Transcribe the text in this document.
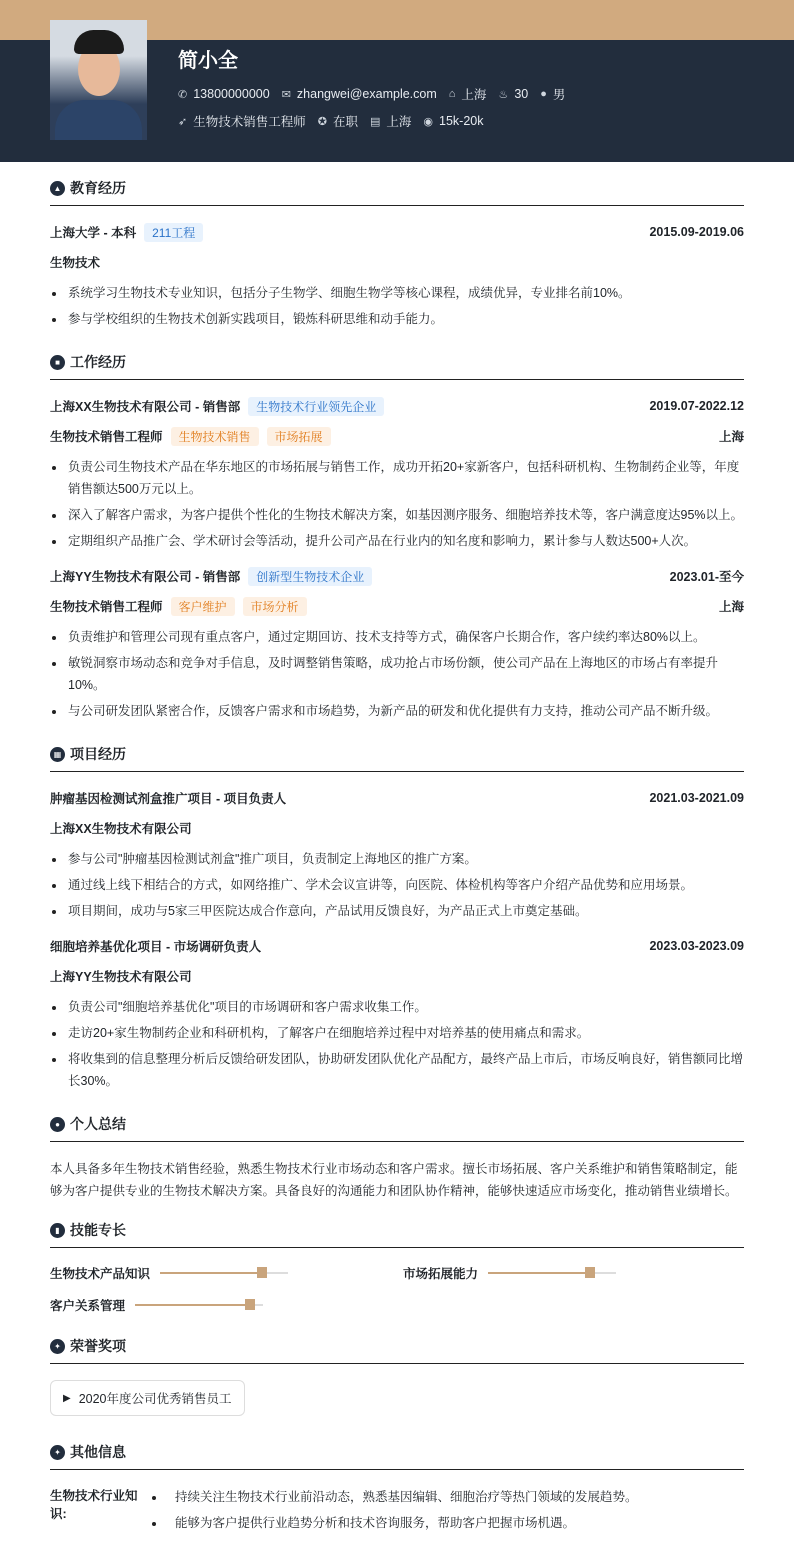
简小全
✆ 13800000000 ✉ zhangwei@example.com ⌂ 上海 ♨ 30 ● 男
➶ 生物技术销售工程师 ✪ 在职 ▤ 上海 ◉ 15k-20k
▲ 教育经历
上海大学 - 本科	211工程	2015.09-2019.06
生物技术
系统学习生物技术专业知识，包括分子生物学、细胞生物学等核心课程，成绩优异，专业排名前10%。
参与学校组织的生物技术创新实践项目，锻炼科研思维和动手能力。
■ 工作经历
上海XX生物技术有限公司 - 销售部	生物技术行业领先企业	2019.07-2022.12
生物技术销售工程师	生物技术销售	市场拓展	上海
负责公司生物技术产品在华东地区的市场拓展与销售工作，成功开拓20+家新客户，包括科研机构、生物制药企业等，年度销售额达500万元以上。
深入了解客户需求，为客户提供个性化的生物技术解决方案，如基因测序服务、细胞培养技术等，客户满意度达95%以上。
定期组织产品推广会、学术研讨会等活动，提升公司产品在行业内的知名度和影响力，累计参与人数达500+人次。
上海YY生物技术有限公司 - 销售部	创新型生物技术企业	2023.01-至今
生物技术销售工程师	客户维护	市场分析	上海
负责维护和管理公司现有重点客户，通过定期回访、技术支持等方式，确保客户长期合作，客户续约率达80%以上。
敏锐洞察市场动态和竞争对手信息，及时调整销售策略，成功抢占市场份额，使公司产品在上海地区的市场占有率提升10%。
与公司研发团队紧密合作，反馈客户需求和市场趋势，为新产品的研发和优化提供有力支持，推动公司产品不断升级。
▦ 项目经历
肿瘤基因检测试剂盒推广项目 - 项目负责人	2021.03-2021.09
上海XX生物技术有限公司
参与公司"肿瘤基因检测试剂盒"推广项目，负责制定上海地区的推广方案。
通过线上线下相结合的方式，如网络推广、学术会议宣讲等，向医院、体检机构等客户介绍产品优势和应用场景。
项目期间，成功与5家三甲医院达成合作意向，产品试用反馈良好，为产品正式上市奠定基础。
细胞培养基优化项目 - 市场调研负责人	2023.03-2023.09
上海YY生物技术有限公司
负责公司"细胞培养基优化"项目的市场调研和客户需求收集工作。
走访20+家生物制药企业和科研机构，了解客户在细胞培养过程中对培养基的使用痛点和需求。
将收集到的信息整理分析后反馈给研发团队，协助研发团队优化产品配方，最终产品上市后，市场反响良好，销售额同比增长30%。
● 个人总结

本人具备多年生物技术销售经验，熟悉生物技术行业市场动态和客户需求。擅长市场拓展、客户关系维护和销售策略制定，能够为客户提供专业的生物技术解决方案。具备良好的沟通能力和团队协作精神，能够快速适应市场变化，推动销售业绩增长。

▮ 技能专长
生物技术产品知识	市场拓展能力
客户关系管理
✦ 荣誉奖项
▶ 2020年度公司优秀销售员工
✦ 其他信息
生物技术行业知识:
持续关注生物技术行业前沿动态，熟悉基因编辑、细胞治疗等热门领域的发展趋势。
能够为客户提供行业趋势分析和技术咨询服务，帮助客户把握市场机遇。
